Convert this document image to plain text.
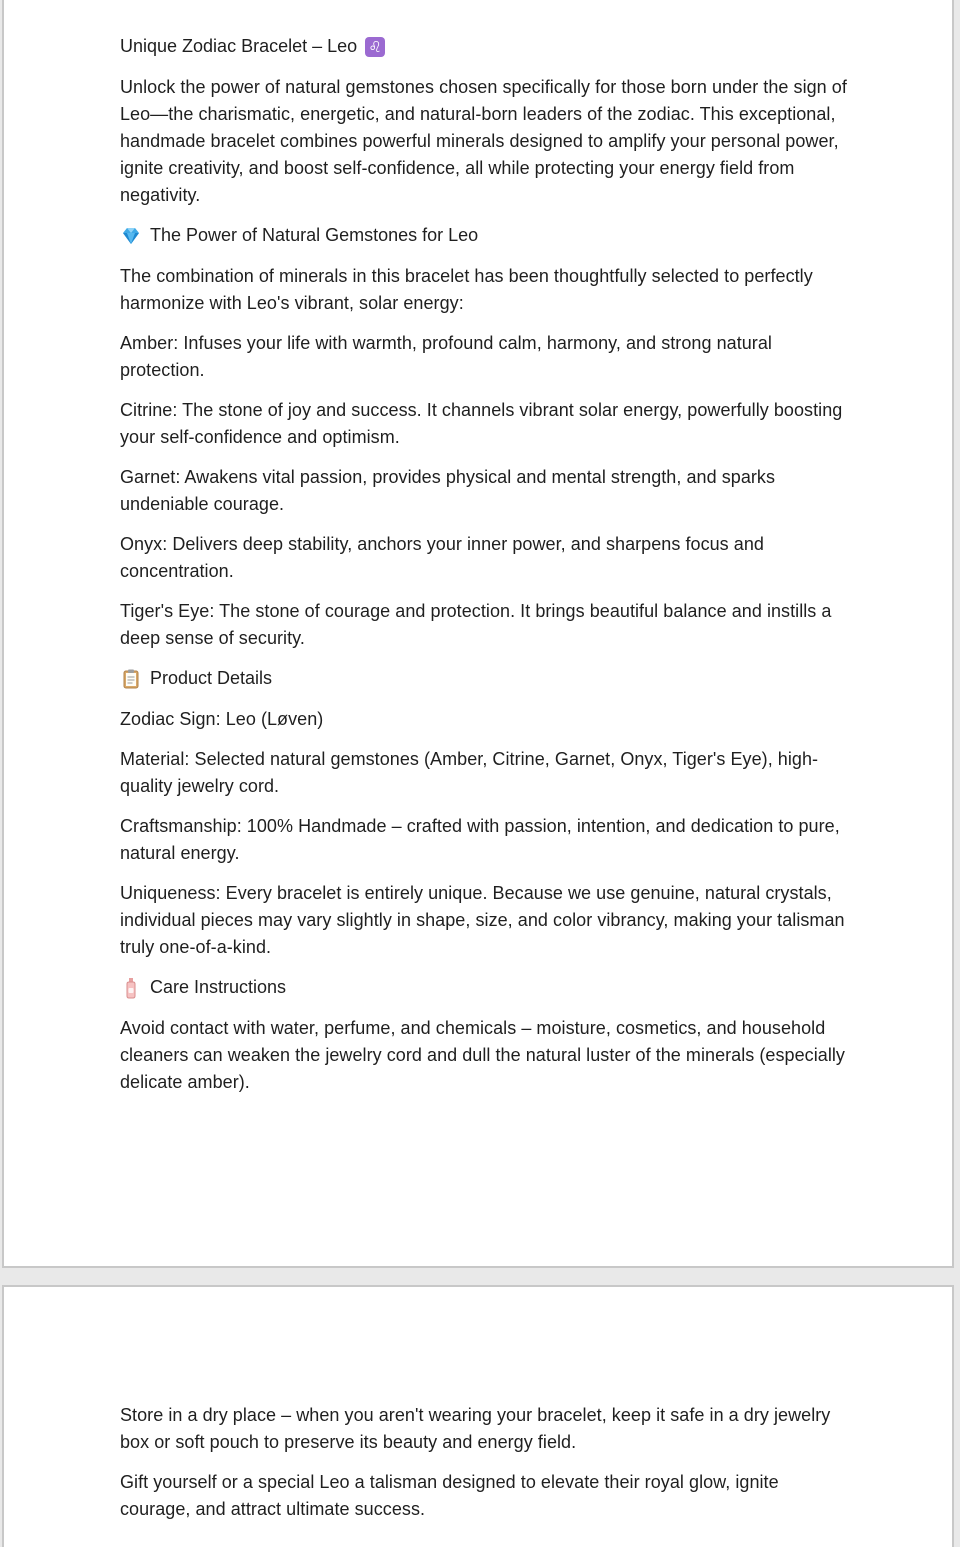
Unique Zodiac Bracelet – Leo ♌

Unlock the power of natural gemstones chosen specifically for those born under the sign of Leo—the charismatic, energetic, and natural-born leaders of the zodiac. This exceptional, handmade bracelet combines powerful minerals designed to amplify your personal power, ignite creativity, and boost self-confidence, all while protecting your energy field from negativity.

The Power of Natural Gemstones for Leo

The combination of minerals in this bracelet has been thoughtfully selected to perfectly harmonize with Leo's vibrant, solar energy:

Amber: Infuses your life with warmth, profound calm, harmony, and strong natural protection.

Citrine: The stone of joy and success. It channels vibrant solar energy, powerfully boosting your self-confidence and optimism.

Garnet: Awakens vital passion, provides physical and mental strength, and sparks undeniable courage.

Onyx: Delivers deep stability, anchors your inner power, and sharpens focus and concentration.

Tiger's Eye: The stone of courage and protection. It brings beautiful balance and instills a deep sense of security.

Product Details

Zodiac Sign: Leo (Løven)

Material: Selected natural gemstones (Amber, Citrine, Garnet, Onyx, Tiger's Eye), high-quality jewelry cord.

Craftsmanship: 100% Handmade – crafted with passion, intention, and dedication to pure, natural energy.

Uniqueness: Every bracelet is entirely unique. Because we use genuine, natural crystals, individual pieces may vary slightly in shape, size, and color vibrancy, making your talisman truly one-of-a-kind.

Care Instructions

Avoid contact with water, perfume, and chemicals – moisture, cosmetics, and household cleaners can weaken the jewelry cord and dull the natural luster of the minerals (especially delicate amber).

Store in a dry place – when you aren't wearing your bracelet, keep it safe in a dry jewelry box or soft pouch to preserve its beauty and energy field.

Gift yourself or a special Leo a talisman designed to elevate their royal glow, ignite courage, and attract ultimate success.
